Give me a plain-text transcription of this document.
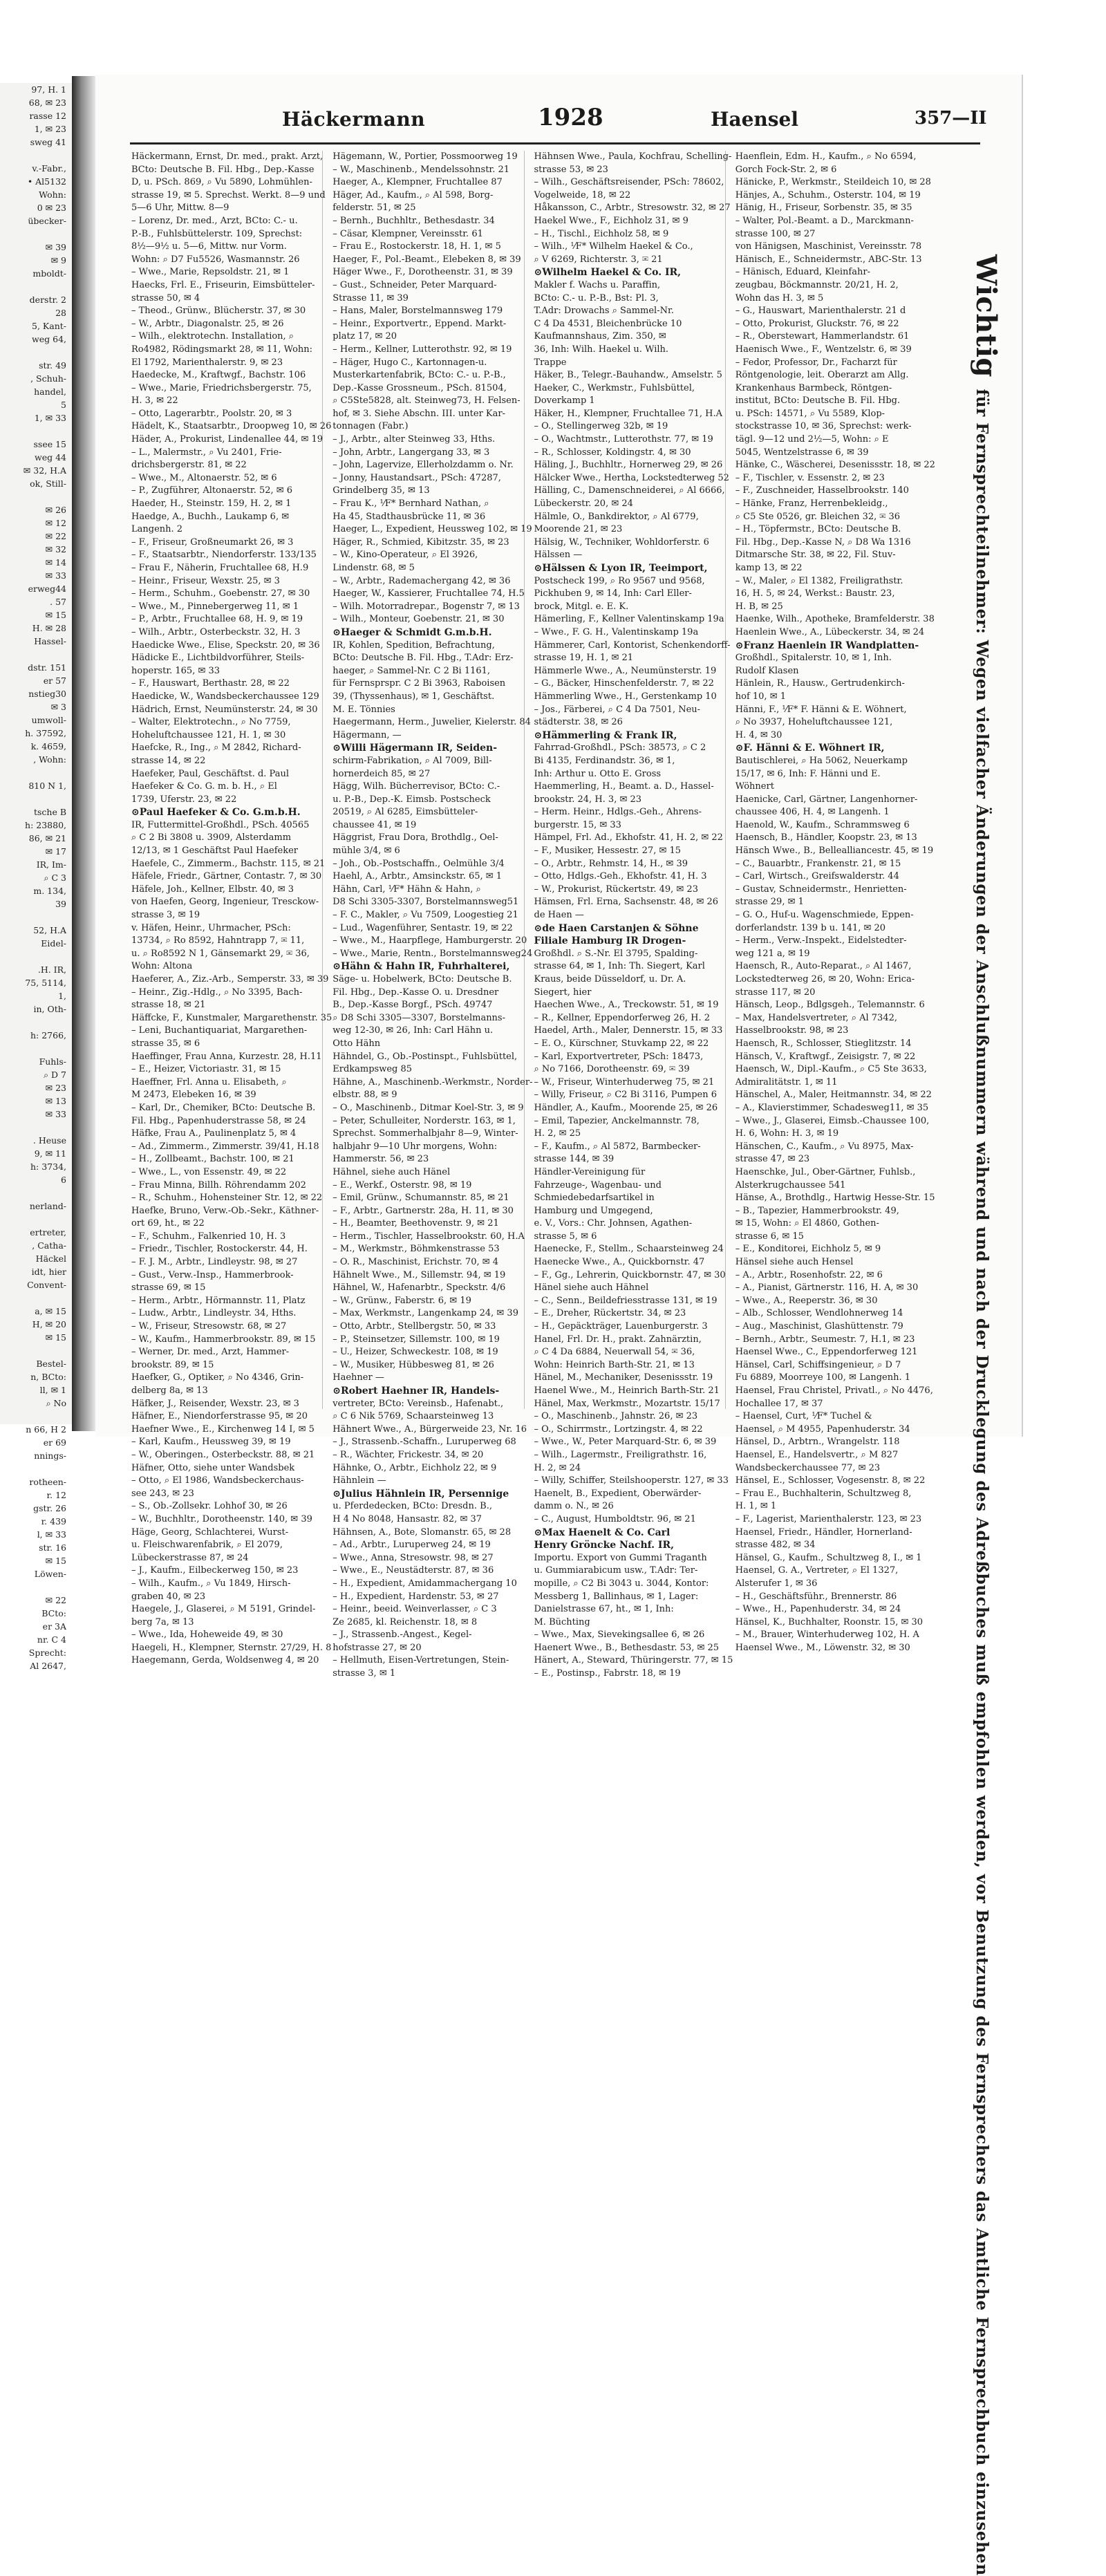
97, H. 1
68, ✉ 23
rasse 12
1, ✉ 23
sweg 41

v.-Fabr.,
• Al5132
Wohn:
0 ✉ 23
übecker-

✉ 39
✉ 9
mboldt-

derstr. 2
28
5, Kant-
weg 64,

str. 49
, Schuh-
handel,
5
1, ✉ 33

ssee 15
weg 44
✉ 32, H.A
ok, Still-

✉ 26
✉ 12
✉ 22
✉ 32
✉ 14
✉ 33
erweg44
. 57
✉ 15
H. ✉ 28
Hassel-

dstr. 151
er 57
nstieg30
✉ 3
umwoll-
h. 37592,
k. 4659,
, Wohn:

810 N 1,

tsche B
h: 23880,
86, ✉ 21
✉ 17
IR, Im-
⌕ C 3
m. 134,
39

52, H.A
Eidel-

.H. IR,
75, 5114,
1,
in, Oth-

h: 2766,

Fuhls-
⌕ D 7
✉ 23
✉ 13
✉ 33

. Heuse
9, ✉ 11
h: 3734,
6

nerland-

ertreter,
, Catha-
Häckel
idt, hier
Convent-

a, ✉ 15
H, ✉ 20
✉ 15

Bestel-
n, BCto:
ll, ✉ 1
⌕ No

n 66, H 2
er 69
nnings-

rotheen-
r. 12
gstr. 26
r. 439
l, ✉ 33
str. 16
✉ 15
Löwen-

✉ 22
BCto:
er 3A
nr. C 4
Sprecht:
Al 2647,
Häckermann	1928	Haensel	357—II
Häckermann, Ernst, Dr. med., prakt. Arzt,
BCto: Deutsche B. Fil. Hbg., Dep.-Kasse
D, u. PSch. 869, ⌕ Vu 5890, Lohmühlen-
strasse 19, ✉ 5. Sprechst. Werkt. 8—9 und
5—6 Uhr, Mittw. 8—9
– Lorenz, Dr. med., Arzt, BCto: C.- u.
P.-B., Fuhlsbüttelerstr. 109, Sprechst:
8½—9½ u. 5—6, Mittw. nur Vorm.
Wohn: ⌕ D7 Fu5526, Wasmannstr. 26
– Wwe., Marie, Repsoldstr. 21, ✉ 1
Haecks, Frl. E., Friseurin, Eimsbütteler-
strasse 50, ✉ 4
– Theod., Grünw., Blücherstr. 37, ✉ 30
– W., Arbtr., Diagonalstr. 25, ✉ 26
– Wilh., elektrotechn. Installation, ⌕
Ro4982, Rödingsmarkt 28, ✉ 11, Wohn:
El 1792, Marienthalerstr. 9, ✉ 23
Haedecke, M., Kraftwgf., Bachstr. 106
– Wwe., Marie, Friedrichsbergerstr. 75,
H. 3, ✉ 22
– Otto, Lagerarbtr., Poolstr. 20, ✉ 3
Hädelt, K., Staatsarbtr., Droopweg 10, ✉ 26
Häder, A., Prokurist, Lindenallee 44, ✉ 19
– L., Malermstr., ⌕ Vu 2401, Frie-
drichsbergerstr. 81, ✉ 22
– Wwe., M., Altonaerstr. 52, ✉ 6
– P., Zugführer, Altonaerstr. 52, ✉ 6
Haeder, H., Steinstr. 159, H. 2, ✉ 1
Haedge, A., Buchh., Laukamp 6, ✉
Langenh. 2
– F., Friseur, Großneumarkt 26, ✉ 3
– F., Staatsarbtr., Niendorferstr. 133/135
– Frau F., Näherin, Fruchtallee 68, H.9
– Heinr., Friseur, Wexstr. 25, ✉ 3
– Herm., Schuhm., Goebenstr. 27, ✉ 30
– Wwe., M., Pinnebergerweg 11, ✉ 1
– P., Arbtr., Fruchtallee 68, H. 9, ✉ 19
– Wilh., Arbtr., Osterbeckstr. 32, H. 3
Haedicke Wwe., Elise, Speckstr. 20, ✉ 36
Hädicke E., Lichtbildvorführer, Steils-
hoperstr. 165, ✉ 33
– F., Hauswart, Berthastr. 28, ✉ 22
Haedicke, W., Wandsbeckerchaussee 129
Hädrich, Ernst, Neumünsterstr. 24, ✉ 30
– Walter, Elektrotechn., ⌕ No 7759,
Hoheluftchaussee 121, H. 1, ✉ 30
Haefcke, R., Ing., ⌕ M 2842, Richard-
strasse 14, ✉ 22
Haefeker, Paul, Geschäftst. d. Paul
Haefeker & Co. G. m. b. H., ⌕ El
1739, Uferstr. 23, ✉ 22
⊙ Paul Haefeker & Co. G.m.b.H.
IR, Futtermittel-Großhdl., PSch. 40565
⌕ C 2 Bi 3808 u. 3909, Alsterdamm
12/13, ✉ 1 Geschäftst Paul Haefeker
Haefele, C., Zimmerm., Bachstr. 115, ✉ 21
Häfele, Friedr., Gärtner, Contastr. 7, ✉ 30
Häfele, Joh., Kellner, Elbstr. 40, ✉ 3
von Haefen, Georg, Ingenieur, Tresckow-
strasse 3, ✉ 19
v. Häfen, Heinr., Uhrmacher, PSch:
13734, ⌕ Ro 8592, Hahntrapp 7, ✉ 11,
u. ⌕ Ro8592 N 1, Gänsemarkt 29, ✉ 36,
Wohn: Altona
Haeferer, A., Ziz.-Arb., Semperstr. 33, ✉ 39
– Heinr., Zig.-Hdlg., ⌕ No 3395, Bach-
strasse 18, ✉ 21
Häffcke, F., Kunstmaler, Margarethenstr. 35
– Leni, Buchantiquariat, Margarethen-
strasse 35, ✉ 6
Haeffinger, Frau Anna, Kurzestr. 28, H.11
– E., Heizer, Victoriastr. 31, ✉ 15
Haeffner, Frl. Anna u. Elisabeth, ⌕
M 2473, Elebeken 16, ✉ 39
– Karl, Dr., Chemiker, BCto: Deutsche B.
Fil. Hbg., Papenhuderstrasse 58, ✉ 24
Häfke, Frau A., Paulinenplatz 5, ✉ 4
– Ad., Zimmerm., Zimmerstr. 39/41, H.18
– H., Zollbeamt., Bachstr. 100, ✉ 21
– Wwe., L., von Essenstr. 49, ✉ 22
– Frau Minna, Billh. Röhrendamm 202
– R., Schuhm., Hohensteiner Str. 12, ✉ 22
Haefke, Bruno, Verw.-Ob.-Sekr., Käthner-
ort 69, ht., ✉ 22
– F., Schuhm., Falkenried 10, H. 3
– Friedr., Tischler, Rostockerstr. 44, H.
– F. J. M., Arbtr., Lindleystr. 98, ✉ 27
– Gust., Verw.-Insp., Hammerbrook-
strasse 69, ✉ 15
– Herm., Arbtr., Hörmannstr. 11, Platz
– Ludw., Arbtr., Lindleystr. 34, Hths.
– W., Friseur, Stresowstr. 68, ✉ 27
– W., Kaufm., Hammerbrookstr. 89, ✉ 15
– Werner, Dr. med., Arzt, Hammer-
brookstr. 89, ✉ 15
Haefker, G., Optiker, ⌕ No 4346, Grin-
delberg 8a, ✉ 13
Häfker, J., Reisender, Wexstr. 23, ✉ 3
Häfner, E., Niendorferstrasse 95, ✉ 20
Haefner Wwe., E., Kirchenweg 14 I, ✉ 5
– Karl, Kaufm., Heussweg 39, ✉ 19
– W., Oberingen., Osterbeckstr. 88, ✉ 21
Häfner, Otto, siehe unter Wandsbek
– Otto, ⌕ El 1986, Wandsbeckerchaus-
see 243, ✉ 23
– S., Ob.-Zollsekr. Lohhof 30, ✉ 26
– W., Buchhltr., Dorotheenstr. 140, ✉ 39
Häge, Georg, Schlachterei, Wurst-
u. Fleischwarenfabrik, ⌕ El 2079,
Lübeckerstrasse 87, ✉ 24
– J., Kaufm., Eilbeckerweg 150, ✉ 23
– Wilh., Kaufm., ⌕ Vu 1849, Hirsch-
graben 40, ✉ 23
Haegele, J., Glaserei, ⌕ M 5191, Grindel-
berg 7a, ✉ 13
– Wwe., Ida, Hoheweide 49, ✉ 30
Haegeli, H., Klempner, Sternstr. 27/29, H. 8
Haegemann, Gerda, Woldsenweg 4, ✉ 20
Hägemann, W., Portier, Possmoorweg 19
– W., Maschinenb., Mendelssohnstr. 21
Haeger, A., Klempner, Fruchtallee 87
Häger, Ad., Kaufm., ⌕ Al 598, Borg-
felderstr. 51, ✉ 25
– Bernh., Buchhltr., Bethesdastr. 34
– Cäsar, Klempner, Vereinsstr. 61
– Frau E., Rostockerstr. 18, H. 1, ✉ 5
Haeger, F., Pol.-Beamt., Elebeken 8, ✉ 39
Häger Wwe., F., Dorotheenstr. 31, ✉ 39
– Gust., Schneider, Peter Marquard-
Strasse 11, ✉ 39
– Hans, Maler, Borstelmannsweg 179
– Heinr., Exportvertr., Eppend. Markt-
platz 17, ✉ 20
– Herm., Kellner, Lutterothstr. 92, ✉ 19
– Häger, Hugo C., Kartonnagen-u.
Musterkartenfabrik, BCto: C.- u. P.-B.,
Dep.-Kasse Grossneum., PSch. 81504,
⌕ C5Ste5828, alt. Steinweg73, H. Felsen-
hof, ✉ 3. Siehe Abschn. III. unter Kar-
tonnagen (Fabr.)
– J., Arbtr., alter Steinweg 33, Hths.
– John, Arbtr., Langergang 33, ✉ 3
– John, Lagervize, Ellerholzdamm o. Nr.
– Jonny, Haustandsart., PSch: 47287,
Grindelberg 35, ✉ 13
– Frau K., ⅟F* Bernhard Nathan, ⌕
Ha 45, Stadthausbrücke 11, ✉ 36
Haeger, L., Expedient, Heussweg 102, ✉ 19
Häger, R., Schmied, Kibitzstr. 35, ✉ 23
– W., Kino-Operateur, ⌕ El 3926,
Lindenstr. 68, ✉ 5
– W., Arbtr., Rademachergang 42, ✉ 36
Haeger, W., Kassierer, Fruchtallee 74, H.5
– Wilh. Motorradrepar., Bogenstr 7, ✉ 13
– Wilh., Monteur, Goebenstr. 21, ✉ 30
⊙ Haeger & Schmidt G.m.b.H.
IR, Kohlen, Spedition, Befrachtung,
BCto: Deutsche B. Fil. Hbg., T.Adr: Erz-
haeger, ⌕ Sammel-Nr. C 2 Bi 1161,
für Fernsprspr. C 2 Bi 3963, Raboisen
39, (Thyssenhaus), ✉ 1, Geschäftst.
M. E. Tönnies
Haegermann, Herm., Juwelier, Kielerstr. 84
Hägermann, —
⊙ Willi Hägermann IR, Seiden-
schirm-Fabrikation, ⌕ Al 7009, Bill-
hornerdeich 85, ✉ 27
Hägg, Wilh. Bücherrevisor, BCto: C.-
u. P.-B., Dep.-K. Eimsb. Postscheck
20519, ⌕ Al 6285, Eimsbütteler-
chaussee 41, ✉ 19
Häggrist, Frau Dora, Brothdlg., Oel-
mühle 3/4, ✉ 6
– Joh., Ob.-Postschaffn., Oelmühle 3/4
Haehl, A., Arbtr., Amsinckstr. 65, ✉ 1
Hähn, Carl, ⅟F* Hähn & Hahn, ⌕
D8 Schi 3305-3307, Borstelmannsweg51
– F. C., Makler, ⌕ Vu 7509, Loogestieg 21
– Lud., Wagenführer, Sentastr. 19, ✉ 22
– Wwe., M., Haarpflege, Hamburgerstr. 20
– Wwe., Marie, Rentn., Borstelmannsweg24
⊙ Hähn & Hahn IR, Fuhrhalterei,
Säge- u. Hobelwerk, BCto: Deutsche B.
Fil. Hbg., Dep.-Kasse O. u. Dresdner
B., Dep.-Kasse Borgf., PSch. 49747
⌕ D8 Schi 3305—3307, Borstelmanns-
weg 12-30, ✉ 26, Inh: Carl Hähn u.
Otto Hähn
Hähndel, G., Ob.-Postinspt., Fuhlsbüttel,
Erdkampsweg 85
Hähne, A., Maschinenb.-Werkmstr., Norder-
elbstr. 88, ✉ 9
– O., Maschinenb., Ditmar Koel-Str. 3, ✉ 9
– Peter, Schulleiter, Norderstr. 163, ✉ 1,
Sprechst. Sommerhalbjahr 8—9, Winter-
halbjahr 9—10 Uhr morgens, Wohn:
Hammerstr. 56, ✉ 23
Hähnel, siehe auch Hänel
– E., Werkf., Osterstr. 98, ✉ 19
– Emil, Grünw., Schumannstr. 85, ✉ 21
– F., Arbtr., Gartnerstr. 28a, H. 11, ✉ 30
– H., Beamter, Beethovenstr. 9, ✉ 21
– Herm., Tischler, Hasselbrookstr. 60, H.A
– M., Werkmstr., Böhmkenstrasse 53
– O. R., Maschinist, Erichstr. 70, ✉ 4
Hähnelt Wwe., M., Sillemstr. 94, ✉ 19
Hähnel, W., Hafenarbtr., Speckstr. 4/6
– W., Grünw., Faberstr. 6, ✉ 19
– Max, Werkmstr., Langenkamp 24, ✉ 39
– Otto, Arbtr., Stellbergstr. 50, ✉ 33
– P., Steinsetzer, Sillemstr. 100, ✉ 19
– U., Heizer, Schweckestr. 108, ✉ 19
– W., Musiker, Hübbesweg 81, ✉ 26
Haehner —
⊙ Robert Haehner IR, Handels-
vertreter, BCto: Vereinsb., Hafenabt.,
⌕ C 6 Nik 5769, Schaarsteinweg 13
Hähnert Wwe., A., Bürgerweide 23, Nr. 16
– J., Strassenb.-Schaffn., Luruperweg 68
– R., Wächter, Frickestr. 34, ✉ 20
Hähnke, O., Arbtr., Eichholz 22, ✉ 9
Hähnlein —
⊙ Julius Hähnlein IR, Persennige
u. Pferdedecken, BCto: Dresdn. B.,
H 4 No 8048, Hansastr. 82, ✉ 37
Hähnsen, A., Bote, Slomanstr. 65, ✉ 28
– Ad., Arbtr., Luruperweg 24, ✉ 19
– Wwe., Anna, Stresowstr. 98, ✉ 27
– Wwe., E., Neustädterstr. 87, ✉ 36
– H., Expedient, Amidammachergang 10
– H., Expedient, Hardenstr. 53, ✉ 27
– Heinr., beeid. Weinverlasser, ⌕ C 3
Ze 2685, kl. Reichenstr. 18, ✉ 8
– J., Strassenb.-Angest., Kegel-
hofstrasse 27, ✉ 20
– Hellmuth, Eisen-Vertretungen, Stein-
strasse 3, ✉ 1
Hähnsen Wwe., Paula, Kochfrau, Schelling-
strasse 53, ✉ 23
– Wilh., Geschäftsreisender, PSch: 78602,
Vogelweide, 18, ✉ 22
Håkansson, C., Arbtr., Stresowstr. 32, ✉ 27
Haekel Wwe., F., Eichholz 31, ✉ 9
– H., Tischl., Eichholz 58, ✉ 9
– Wilh., ⅟F* Wilhelm Haekel & Co.,
⌕ V 6269, Richterstr. 3, ✉ 21
⊙ Wilhelm Haekel & Co. IR,
Makler f. Wachs u. Paraffin,
BCto: C.- u. P.-B., Bst: Pl. 3,
T.Adr: Drowachs ⌕ Sammel-Nr.
C 4 Da 4531, Bleichenbrücke 10
Kaufmannshaus, Zim. 350, ✉
36, Inh: Wilh. Haekel u. Wilh.
Trappe
Häker, B., Telegr.-Bauhandw., Amselstr. 5
Haeker, C., Werkmstr., Fuhlsbüttel,
Doverkamp 1
Häker, H., Klempner, Fruchtallee 71, H.A
– O., Stellingerweg 32b, ✉ 19
– O., Wachtmstr., Lutterothstr. 77, ✉ 19
– R., Schlosser, Koldingstr. 4, ✉ 30
Häling, J., Buchhltr., Hornerweg 29, ✉ 26
Hälcker Wwe., Hertha, Lockstedterweg 52
Hälling, C., Damenschneiderei, ⌕ Al 6666,
Lübeckerstr. 20, ✉ 24
Hälmle, O., Bankdirektor, ⌕ Al 6779,
Moorende 21, ✉ 23
Hälsig, W., Techniker, Wohldorferstr. 6
Hälssen —
⊙ Hälssen & Lyon IR, Teeimport,
Postscheck 199, ⌕ Ro 9567 und 9568,
Pickhuben 9, ✉ 14, Inh: Carl Eller-
brock, Mitgl. e. E. K.
Hämerling, F., Kellner Valentinskamp 19a
– Wwe., F. G. H., Valentinskamp 19a
Hämmerer, Carl, Kontorist, Schenkendorff-
strasse 19, H. 1, ✉ 21
Hämmerle Wwe., A., Neumünsterstr. 19
– G., Bäcker, Hinschenfelderstr. 7, ✉ 22
Hämmerling Wwe., H., Gerstenkamp 10
– Jos., Färberei, ⌕ C 4 Da 7501, Neu-
städterstr. 38, ✉ 26
⊙ Hämmerling & Frank IR,
Fahrrad-Großhdl., PSch: 38573, ⌕ C 2
Bi 4135, Ferdinandstr. 36, ✉ 1,
Inh: Arthur u. Otto E. Gross
Haemmerling, H., Beamt. a. D., Hassel-
brookstr. 24, H. 3, ✉ 23
– Herm. Heinr., Hdlgs.-Geh., Ahrens-
burgerstr. 15, ✉ 33
Hämpel, Frl. Ad., Ekhofstr. 41, H. 2, ✉ 22
– F., Musiker, Hessestr. 27, ✉ 15
– O., Arbtr., Rehmstr. 14, H., ✉ 39
– Otto, Hdlgs.-Geh., Ekhofstr. 41, H. 3
– W., Prokurist, Rückertstr. 49, ✉ 23
Hämsen, Frl. Erna, Sachsenstr. 48, ✉ 26
de Haen —
⊙ de Haen Carstanjen & Söhne
Filiale Hamburg IR Drogen-
Großhdl. ⌕ S.-Nr. El 3795, Spalding-
strasse 64, ✉ 1, Inh: Th. Siegert, Karl
Kraus, beide Düsseldorf, u. Dr. A.
Siegert, hier
Haechen Wwe., A., Treckowstr. 51, ✉ 19
– R., Kellner, Eppendorferweg 26, H. 2
Haedel, Arth., Maler, Dennerstr. 15, ✉ 33
– E. O., Kürschner, Stuvkamp 22, ✉ 22
– Karl, Exportvertreter, PSch: 18473,
⌕ No 7166, Dorotheenstr. 69, ✉ 39
– W., Friseur, Winterhuderweg 75, ✉ 21
– Willy, Friseur, ⌕ C2 Bi 3116, Pumpen 6
Händler, A., Kaufm., Moorende 25, ✉ 26
– Emil, Tapezier, Anckelmannstr. 78,
H. 2, ✉ 25
– F., Kaufm., ⌕ Al 5872, Barmbecker-
strasse 144, ✉ 39
Händler-Vereinigung für
Fahrzeuge-, Wagenbau- und
Schmiedebedarfsartikel in
Hamburg und Umgegend,
e. V., Vors.: Chr. Johnsen, Agathen-
strasse 5, ✉ 6
Haenecke, F., Stellm., Schaarsteinweg 24
Haenecke Wwe., A., Quickbornstr. 47
– F., Gg., Lehrerin, Quickbornstr. 47, ✉ 30
Hänel siehe auch Hähnel
– C., Senn., Beildefriesstrasse 131, ✉ 19
– E., Dreher, Rückertstr. 34, ✉ 23
– H., Gepäckträger, Lauenburgerstr. 3
Hanel, Frl. Dr. H., prakt. Zahnärztin,
⌕ C 4 Da 6884, Neuerwall 54, ✉ 36,
Wohn: Heinrich Barth-Str. 21, ✉ 13
Hänel, M., Mechaniker, Desenissstr. 19
Haenel Wwe., M., Heinrich Barth-Str. 21
Hänel, Max, Werkmstr., Mozartstr. 15/17
– O., Maschinenb., Jahnstr. 26, ✉ 23
– O., Schirrmstr., Lortzingstr. 4, ✉ 22
– Wwe., W., Peter Marquard-Str. 6, ✉ 39
– Wilh., Lagermstr., Freiligrathstr. 16,
H. 2, ✉ 24
– Willy, Schiffer, Steilshooperstr. 127, ✉ 33
Haenelt, B., Expedient, Oberwärder-
damm o. N., ✉ 26
– C., August, Humboldtstr. 96, ✉ 21
⊙ Max Haenelt & Co. Carl
Henry Gröncke Nachf. IR,
Importu. Export von Gummi Traganth
u. Gummiarabicum usw., T.Adr: Ter-
mopille, ⌕ C2 Bi 3043 u. 3044, Kontor:
Messberg 1, Ballinhaus, ✉ 1, Lager:
Danielstrasse 67, ht., ✉ 1, Inh:
M. Büchting
– Wwe., Max, Sievekingsallee 6, ✉ 26
Haenert Wwe., B., Bethesdastr. 53, ✉ 25
Hänert, A., Steward, Thüringerstr. 77, ✉ 15
– E., Postinsp., Fabrstr. 18, ✉ 19
Haenflein, Edm. H., Kaufm., ⌕ No 6594,
Gorch Fock-Str. 2, ✉ 6
Hänicke, P., Werkmstr., Steildeich 10, ✉ 28
Hänjes, A., Schuhm., Osterstr. 104, ✉ 19
Hänig, H., Friseur, Sorbenstr. 35, ✉ 35
– Walter, Pol.-Beamt. a D., Marckmann-
strasse 100, ✉ 27
von Hänigsen, Maschinist, Vereinsstr. 78
Hänisch, E., Schneidermstr., ABC-Str. 13
– Hänisch, Eduard, Kleinfahr-
zeugbau, Böckmannstr. 20/21, H. 2,
Wohn das H. 3, ✉ 5
– G., Hauswart, Marienthalerstr. 21 d
– Otto, Prokurist, Gluckstr. 76, ✉ 22
– R., Oberstewart, Hammerlandstr. 61
Haenisch Wwe., F., Wentzelstr. 6, ✉ 39
– Fedor, Professor, Dr., Facharzt für
Röntgenologie, leit. Oberarzt am Allg.
Krankenhaus Barmbeck, Röntgen-
institut, BCto: Deutsche B. Fil. Hbg.
u. PSch: 14571, ⌕ Vu 5589, Klop-
stockstrasse 10, ✉ 36, Sprechst: werk-
tägl. 9—12 und 2½—5, Wohn: ⌕ E
5045, Wentzelstrasse 6, ✉ 39
Hänke, C., Wäscherei, Desenissstr. 18, ✉ 22
– F., Tischler, v. Essenstr. 2, ✉ 23
– F., Zuschneider, Hasselbrookstr. 140
– Hänke, Franz, Herrenbekleidg.,
⌕ C5 Ste 0526, gr. Bleichen 32, ✉ 36
– H., Töpfermstr., BCto: Deutsche B.
Fil. Hbg., Dep.-Kasse N, ⌕ D8 Wa 1316
Ditmarsche Str. 38, ✉ 22, Fil. Stuv-
kamp 13, ✉ 22
– W., Maler, ⌕ El 1382, Freiligrathstr.
16, H. 5, ✉ 24, Werkst.: Baustr. 23,
H. B, ✉ 25
Haenke, Wilh., Apotheke, Bramfelderstr. 38
Haenlein Wwe., A., Lübeckerstr. 34, ✉ 24
⊙ Franz Haenlein IR Wandplatten-
Großhdl., Spitalerstr. 10, ✉ 1, Inh.
Rudolf Klasen
Hänlein, R., Hausw., Gertrudenkirch-
hof 10, ✉ 1
Hänni, F., ⅟F* F. Hänni & E. Wöhnert,
⌕ No 3937, Hoheluftchaussee 121,
H. 4, ✉ 30
⊙ F. Hänni & E. Wöhnert IR,
Bautischlerei, ⌕ Ha 5062, Neuerkamp
15/17, ✉ 6, Inh: F. Hänni und E.
Wöhnert
Haenicke, Carl, Gärtner, Langenhorner-
chaussee 406, H. 4, ✉ Langenh. 1
Haenold, W., Kaufm., Schrammsweg 6
Haensch, B., Händler, Koopstr. 23, ✉ 13
Hänsch Wwe., B., Bellealliancestr. 45, ✉ 19
– C., Bauarbtr., Frankenstr. 21, ✉ 15
– Carl, Wirtsch., Greifswalderstr. 44
– Gustav, Schneidermstr., Henrietten-
strasse 29, ✉ 1
– G. O., Huf-u. Wagenschmiede, Eppen-
dorferlandstr. 139 b u. 141, ✉ 20
– Herm., Verw.-Inspekt., Eidelstedter-
weg 121 a, ✉ 19
Haensch, R., Auto-Reparat., ⌕ Al 1467,
Lockstedterweg 26, ✉ 20, Wohn: Erica-
strasse 117, ✉ 20
Hänsch, Leop., Bdlgsgeh., Telemannstr. 6
– Max, Handelsvertreter, ⌕ Al 7342,
Hasselbrookstr. 98, ✉ 23
Haensch, R., Schlosser, Stieglitzstr. 14
Hänsch, V., Kraftwgf., Zeisigstr. 7, ✉ 22
Haensch, W., Dipl.-Kaufm., ⌕ C5 Ste 3633,
Admiralitätstr. 1, ✉ 11
Hänschel, A., Maler, Heitmannstr. 34, ✉ 22
– A., Klavierstimmer, Schadesweg11, ✉ 35
– Wwe., J., Glaserei, Eimsb.-Chaussee 100,
H. 6, Wohn: H. 3, ✉ 19
Hänschen, C., Kaufm., ⌕ Vu 8975, Max-
strasse 47, ✉ 23
Haenschke, Jul., Ober-Gärtner, Fuhlsb.,
Alsterkrugchaussee 541
Hänse, A., Brothdlg., Hartwig Hesse-Str. 15
– B., Tapezier, Hammerbrookstr. 49,
✉ 15, Wohn: ⌕ El 4860, Gothen-
strasse 6, ✉ 15
– E., Konditorei, Eichholz 5, ✉ 9
Hänsel siehe auch Hensel
– A., Arbtr., Rosenhofstr. 22, ✉ 6
– A., Pianist, Gärtnerstr. 116, H. A, ✉ 30
– Wwe., A., Reeperstr. 36, ✉ 30
– Alb., Schlosser, Wendlohnerweg 14
– Aug., Maschinist, Glashüttenstr. 79
– Bernh., Arbtr., Seumestr. 7, H.1, ✉ 23
Haensel Wwe., C., Eppendorferweg 121
Hänsel, Carl, Schiffsingenieur, ⌕ D 7
Fu 6889, Moorreye 100, ✉ Langenh. 1
Haensel, Frau Christel, Privatl., ⌕ No 4476,
Hochallee 17, ✉ 37
– Haensel, Curt, ⅟F* Tuchel &
Haensel, ⌕ M 4955, Papenhuderstr. 34
Hänsel, D., Arbtrn., Wrangelstr. 118
Haensel, E., Handelsvertr., ⌕ M 827
Wandsbeckerchaussee 77, ✉ 23
Hänsel, E., Schlosser, Vogesenstr. 8, ✉ 22
– Frau E., Buchhalterin, Schultzweg 8,
H. 1, ✉ 1
– F., Lagerist, Marienthalerstr. 123, ✉ 23
Haensel, Friedr., Händler, Hornerland-
strasse 482, ✉ 34
Hänsel, G., Kaufm., Schultzweg 8, I., ✉ 1
Haensel, G. A., Vertreter, ⌕ El 1327,
Alsterufer 1, ✉ 36
– H., Geschäftsführ., Brennerstr. 86
– Wwe., H., Papenhuderstr. 34, ✉ 24
Hänsel, K., Buchhalter, Roonstr. 15, ✉ 30
– M., Brauer, Winterhuderweg 102, H. A
Haensel Wwe., M., Löwenstr. 32, ✉ 30
Wichtig für Fernsprechteilnehmer: Wegen vielfacher Änderungen der Anschlußnummern während und nach der Drucklegung des Adreßbuches muß empfohlen werden, vor Benutzung des Fernsprechers das Amtliche Fernsprechbuch einzusehen
